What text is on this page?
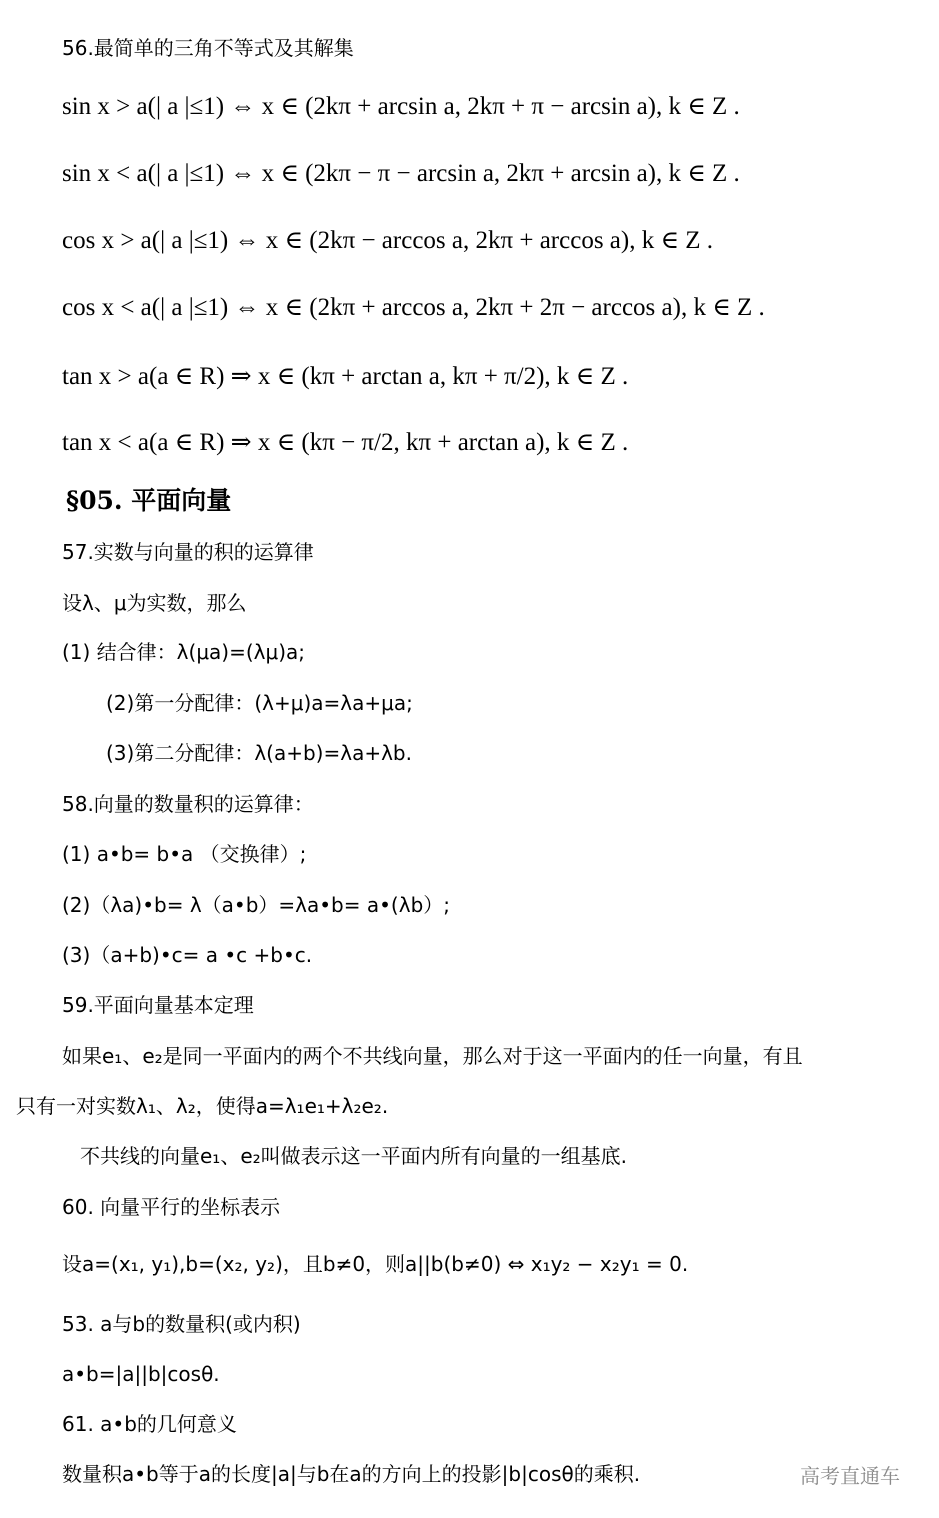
56.最简单的三角不等式及其解集
sin x > a(| a |≤1) ⇔ x ∈ (2kπ + arcsin a, 2kπ + π − arcsin a), k ∈ Z .
sin x < a(| a |≤1) ⇔ x ∈ (2kπ − π − arcsin a, 2kπ + arcsin a), k ∈ Z .
cos x > a(| a |≤1) ⇔ x ∈ (2kπ − arccos a, 2kπ + arccos a), k ∈ Z .
cos x < a(| a |≤1) ⇔ x ∈ (2kπ + arccos a, 2kπ + 2π − arccos a), k ∈ Z .
tan x > a(a ∈ R) ⇒ x ∈ (kπ + arctan a, kπ + π/2), k ∈ Z .
tan x < a(a ∈ R) ⇒ x ∈ (kπ − π/2, kπ + arctan a), k ∈ Z .
§05. 平面向量
57.实数与向量的积的运算律
设λ、μ为实数，那么
(1) 结合律：λ(μa)=(λμ)a;
(2)第一分配律：(λ+μ)a=λa+μa;
(3)第二分配律：λ(a+b)=λa+λb.
58.向量的数量积的运算律：
(1) a•b= b•a （交换律）;
(2)（λa)•b= λ（a•b）=λa•b= a•(λb）;
(3)（a+b)•c= a •c +b•c.
59.平面向量基本定理
如果e₁、e₂是同一平面内的两个不共线向量，那么对于这一平面内的任一向量，有且
只有一对实数λ₁、λ₂，使得a=λ₁e₁+λ₂e₂.
不共线的向量e₁、e₂叫做表示这一平面内所有向量的一组基底.
60. 向量平行的坐标表示
设a=(x₁, y₁),b=(x₂, y₂)，且b≠0，则a||b(b≠0) ⇔ x₁y₂ − x₂y₁ = 0.
53. a与b的数量积(或内积)
a•b=|a||b|cosθ.
61. a•b的几何意义
数量积a•b等于a的长度|a|与b在a的方向上的投影|b|cosθ的乘积.	高考直通车
